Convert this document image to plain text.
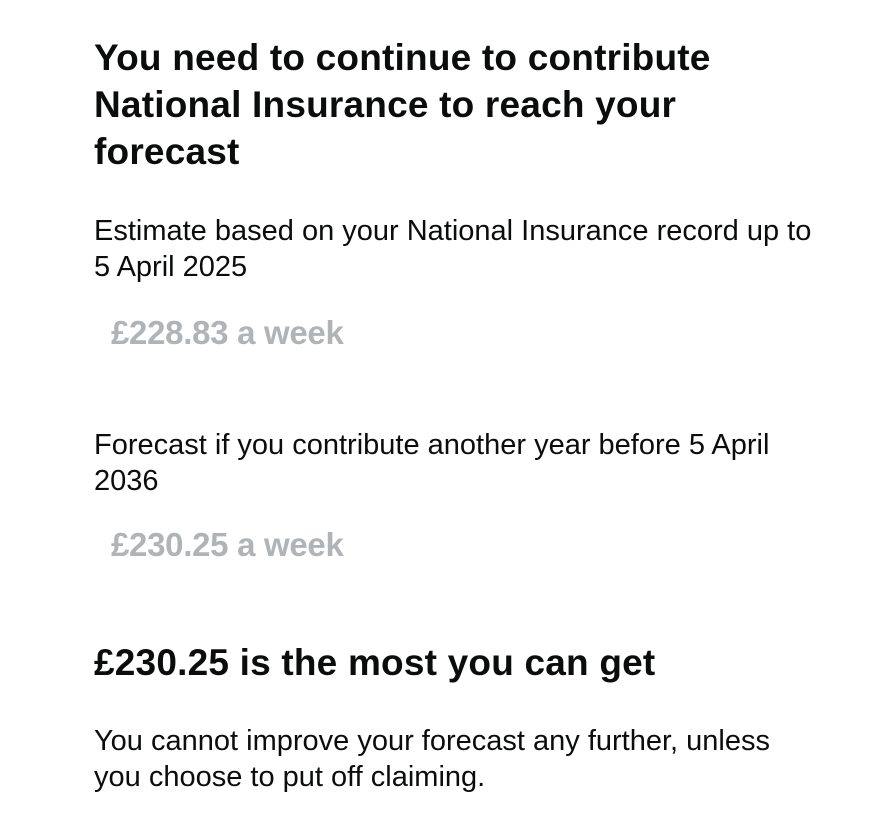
You need to continue to contribute National Insurance to reach your forecast

Estimate based on your National Insurance record up to 5 April 2025

£228.83 a week

Forecast if you contribute another year before 5 April 2036

£230.25 a week

£230.25 is the most you can get

You cannot improve your forecast any further, unless you choose to put off claiming.
